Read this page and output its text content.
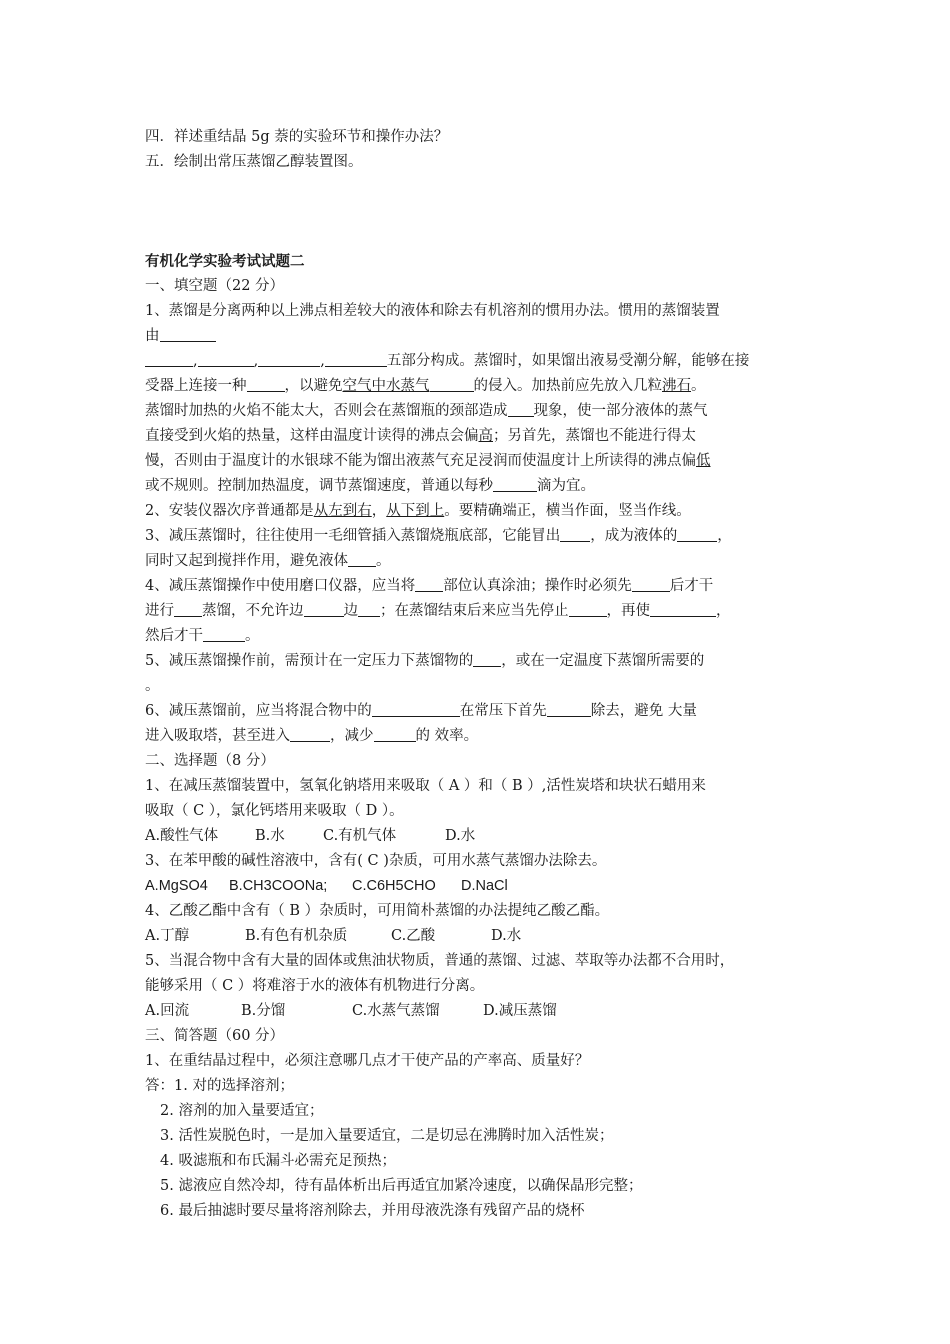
四．祥述重结晶 5g 萘的实验环节和操作办法？
五．绘制出常压蒸馏乙醇装置图。
有机化学实验考试试题二
一、填空题（22 分）
1、蒸馏是分离两种以上沸点相差较大的液体和除去有机溶剂的惯用办法。惯用的蒸馏装置
由
,	,	,	五部分构成。蒸馏时，如果馏出液易受潮分解，能够在接
受器上连接一种	，以避免空气中水蒸气	的侵入。加热前应先放入几粒沸石。
蒸馏时加热的火焰不能太大，否则会在蒸馏瓶的颈部造成 现象，使一部分液体的蒸气
直接受到火焰的热量，这样由温度计读得的沸点会偏高；另首先，蒸馏也不能进行得太
慢，否则由于温度计的水银球不能为馏出液蒸气充足浸润而使温度计上所读得的沸点偏低
或不规则。控制加热温度，调节蒸馏速度，普通以每秒	滴为宜。
2、安装仪器次序普通都是从左到右，从下到上。要精确端正，横当作面，竖当作线。
3、减压蒸馏时，往往使用一毛细管插入蒸馏烧瓶底部，它能冒出 ，成为液体的	，
同时又起到搅拌作用，避免液体 。
4、减压蒸馏操作中使用磨口仪器，应当将 部位认真涂油；操作时必须先	后才干
进行 蒸馏，不允许边	边 ；在蒸馏结束后来应当先停止	，再使	，
然后才干	。
5、减压蒸馏操作前，需预计在一定压力下蒸馏物的 ，或在一定温度下蒸馏所需要的
。
6、减压蒸馏前，应当将混合物中的	在常压下首先	除去，避免 大量
进入吸取塔，甚至进入	，减少	的 效率。
二、选择题（8 分）
1、在减压蒸馏装置中，氢氧化钠塔用来吸取（ A ）和（ B ）,活性炭塔和块状石蜡用来
吸取（ C ），氯化钙塔用来吸取（ D ）。
A.酸性气体	B.水	C.有机气体	D.水
3、在苯甲酸的碱性溶液中，含有( C )杂质，可用水蒸气蒸馏办法除去。
A.MgSO4 B.CH3COONa; C.C6H5CHO D.NaCl
4、乙酸乙酯中含有（ B ）杂质时，可用简朴蒸馏的办法提纯乙酸乙酯。
A.丁醇	B.有色有机杂质	C.乙酸	D.水
5、当混合物中含有大量的固体或焦油状物质，普通的蒸馏、过滤、萃取等办法都不合用时，
能够采用（ C ）将难溶于水的液体有机物进行分离。
A.回流	B.分馏	C.水蒸气蒸馏	D.减压蒸馏
三、简答题（60 分）
1、在重结晶过程中，必须注意哪几点才干使产品的产率高、质量好？
答：1. 对的选择溶剂；
2. 溶剂的加入量要适宜；
3. 活性炭脱色时，一是加入量要适宜，二是切忌在沸腾时加入活性炭；
4. 吸滤瓶和布氏漏斗必需充足预热；
5. 滤液应自然冷却，待有晶体析出后再适宜加紧冷速度，以确保晶形完整；
6. 最后抽滤时要尽量将溶剂除去，并用母液洗涤有残留产品的烧杯
